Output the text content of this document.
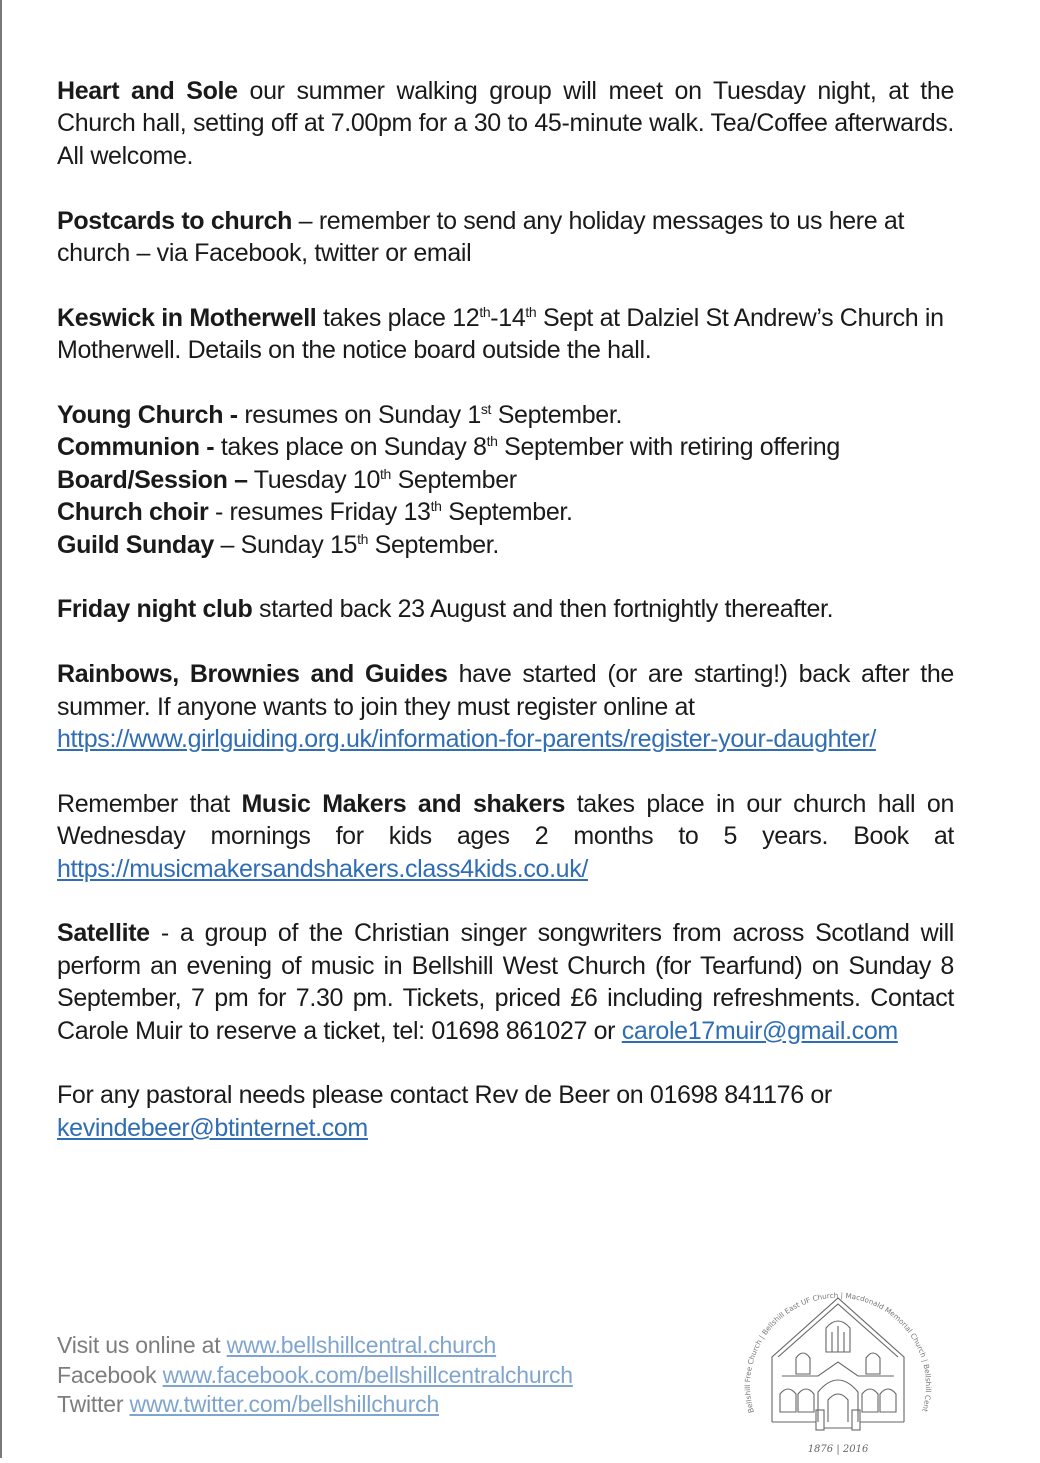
Heart and Sole our summer walking group will meet on Tuesday night, at the Church hall, setting off at 7.00pm for a 30 to 45-minute walk. Tea/Coffee afterwards. All welcome.

Postcards to church – remember to send any holiday messages to us here at church – via Facebook, twitter or email

Keswick in Motherwell takes place 12th-14th Sept at Dalziel St Andrew’s Church in Motherwell. Details on the notice board outside the hall.

Young Church - resumes on Sunday 1st September.
Communion - takes place on Sunday 8th September with retiring offering
Board/Session – Tuesday 10th September
Church choir - resumes Friday 13th September.
Guild Sunday – Sunday 15th September.

Friday night club started back 23 August and then fortnightly thereafter.

Rainbows, Brownies and Guides have started (or are starting!) back after the summer. If anyone wants to join they must register online at
https://www.girlguiding.org.uk/information-for-parents/register-your-daughter/

Remember that Music Makers and shakers takes place in our church hall on Wednesday mornings for kids ages 2 months to 5 years. Book at https://musicmakersandshakers.class4kids.co.uk/

Satellite - a group of the Christian singer songwriters from across Scotland will perform an evening of music in Bellshill West Church (for Tearfund) on Sunday 8 September, 7 pm for 7.30 pm. Tickets, priced £6 including refreshments. Contact Carole Muir to reserve a ticket, tel: 01698 861027 or carole17muir@gmail.com

For any pastoral needs please contact Rev de Beer on 01698 841176 or kevindebeer@btinternet.com

Visit us online at www.bellshillcentral.church
Facebook www.facebook.com/bellshillcentralchurch
Twitter www.twitter.com/bellshillchurch	Bellshill Free Church | Bellshill East UF Church | Macdonald Memorial Church | Bellshill Cent
1876 | 2016
